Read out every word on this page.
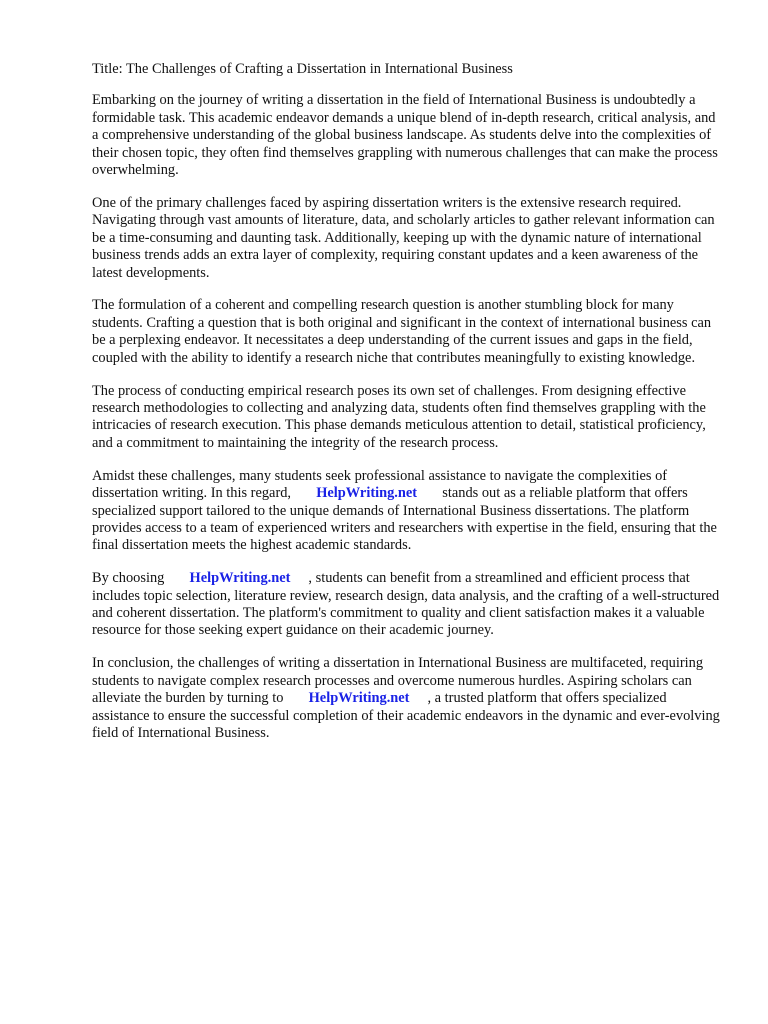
Title: The Challenges of Crafting a Dissertation in International Business

Embarking on the journey of writing a dissertation in the field of International Business is undoubtedly a formidable task. This academic endeavor demands a unique blend of in-depth research, critical analysis, and a comprehensive understanding of the global business landscape. As students delve into the complexities of their chosen topic, they often find themselves grappling with numerous challenges that can make the process overwhelming.

One of the primary challenges faced by aspiring dissertation writers is the extensive research required. Navigating through vast amounts of literature, data, and scholarly articles to gather relevant information can be a time-consuming and daunting task. Additionally, keeping up with the dynamic nature of international business trends adds an extra layer of complexity, requiring constant updates and a keen awareness of the latest developments.

The formulation of a coherent and compelling research question is another stumbling block for many students. Crafting a question that is both original and significant in the context of international business can be a perplexing endeavor. It necessitates a deep understanding of the current issues and gaps in the field, coupled with the ability to identify a research niche that contributes meaningfully to existing knowledge.

The process of conducting empirical research poses its own set of challenges. From designing effective research methodologies to collecting and analyzing data, students often find themselves grappling with the intricacies of research execution. This phase demands meticulous attention to detail, statistical proficiency, and a commitment to maintaining the integrity of the research process.

Amidst these challenges, many students seek professional assistance to navigate the complexities of dissertation writing. In this regard, HelpWriting.net stands out as a reliable platform that offers specialized support tailored to the unique demands of International Business dissertations. The platform provides access to a team of experienced writers and researchers with expertise in the field, ensuring that the final dissertation meets the highest academic standards.

By choosing HelpWriting.net , students can benefit from a streamlined and efficient process that includes topic selection, literature review, research design, data analysis, and the crafting of a well-structured and coherent dissertation. The platform's commitment to quality and client satisfaction makes it a valuable resource for those seeking expert guidance on their academic journey.

In conclusion, the challenges of writing a dissertation in International Business are multifaceted, requiring students to navigate complex research processes and overcome numerous hurdles. Aspiring scholars can alleviate the burden by turning to HelpWriting.net , a trusted platform that offers specialized assistance to ensure the successful completion of their academic endeavors in the dynamic and ever-evolving field of International Business.
